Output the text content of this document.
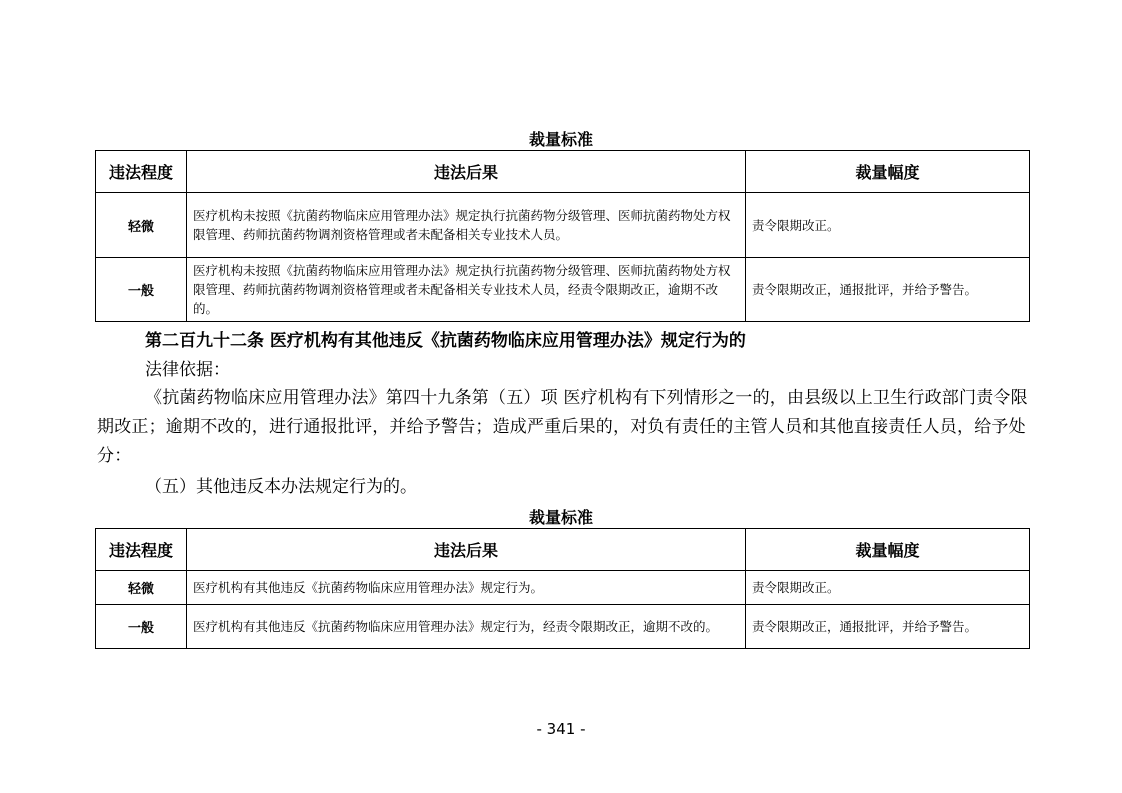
裁量标准
违法程度	违法后果	裁量幅度
轻微	医疗机构未按照《抗菌药物临床应用管理办法》规定执行抗菌药物分级管理、医师抗菌药物处方权限管理、药师抗菌药物调剂资格管理或者未配备相关专业技术人员。	责令限期改正。
一般	医疗机构未按照《抗菌药物临床应用管理办法》规定执行抗菌药物分级管理、医师抗菌药物处方权限管理、药师抗菌药物调剂资格管理或者未配备相关专业技术人员，经责令限期改正，逾期不改的。	责令限期改正，通报批评，并给予警告。
第二百九十二条 医疗机构有其他违反《抗菌药物临床应用管理办法》规定行为的
法律依据：
《抗菌药物临床应用管理办法》第四十九条第（五）项 医疗机构有下列情形之一的，由县级以上卫生行政部门责令限期改正；逾期不改的，进行通报批评，并给予警告；造成严重后果的，对负有责任的主管人员和其他直接责任人员，给予处分：
（五）其他违反本办法规定行为的。
裁量标准
违法程度	违法后果	裁量幅度
轻微	医疗机构有其他违反《抗菌药物临床应用管理办法》规定行为。	责令限期改正。
一般	医疗机构有其他违反《抗菌药物临床应用管理办法》规定行为，经责令限期改正，逾期不改的。	责令限期改正，通报批评，并给予警告。
- 341 -
